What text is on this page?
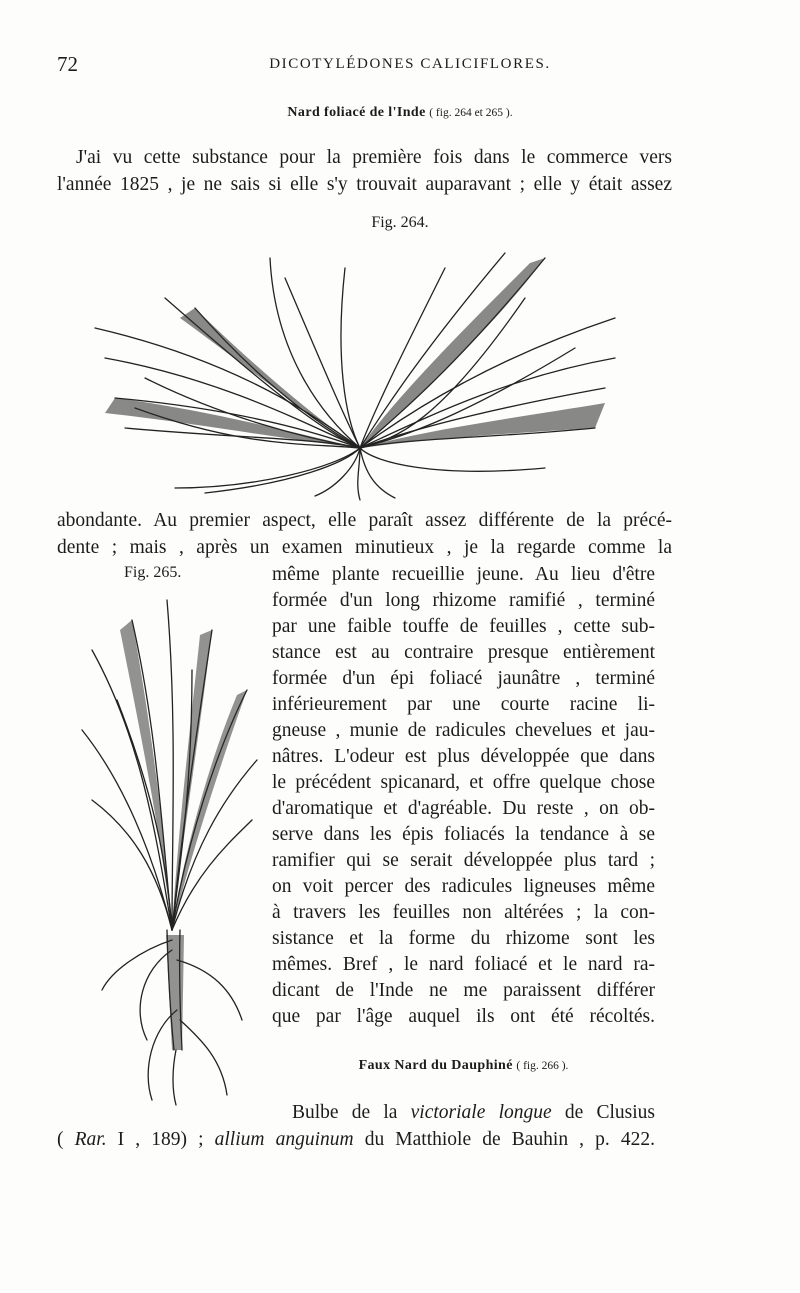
72	DICOTYLÉDONES CALICIFLORES.
Nard foliacé de l'Inde ( fig. 264 et 265 ).
J'ai vu cette substance pour la première fois dans le commerce vers
l'année 1825 , je ne sais si elle s'y trouvait auparavant ; elle y était assez
Fig. 264.
abondante. Au premier aspect, elle paraît assez différente de la précé-
dente ; mais , après un examen minutieux , je la regarde comme la
Fig. 265.	même plante recueillie jeune. Au lieu d'être
formée d'un long rhizome ramifié , terminé
par une faible touffe de feuilles , cette sub-
stance est au contraire presque entièrement
formée d'un épi foliacé jaunâtre , terminé
inférieurement par une courte racine li-
gneuse , munie de radicules chevelues et jau-
nâtres. L'odeur est plus développée que dans
le précédent spicanard, et offre quelque chose
d'aromatique et d'agréable. Du reste , on ob-
serve dans les épis foliacés la tendance à se
ramifier qui se serait développée plus tard ;
on voit percer des radicules ligneuses même
à travers les feuilles non altérées ; la con-
sistance et la forme du rhizome sont les
mêmes. Bref , le nard foliacé et le nard ra-
dicant de l'Inde ne me paraissent différer
que par l'âge auquel ils ont été récoltés.
Faux Nard du Dauphiné ( fig. 266 ).
Bulbe de la victoriale longue de Clusius
( Rar. I , 189) ; allium anguinum du Matthiole de Bauhin , p. 422.
